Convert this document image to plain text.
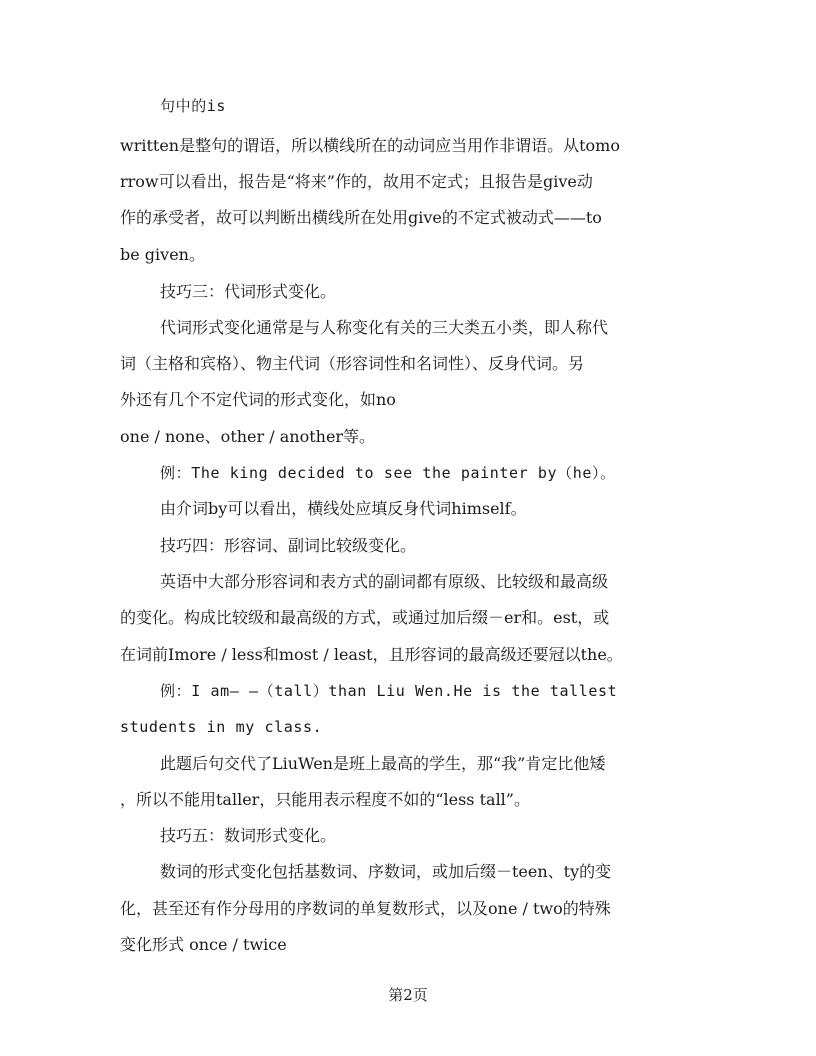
句中的is
written是整句的谓语，所以横线所在的动词应当用作非谓语。从tomo
rrow可以看出，报告是“将来”作的，故用不定式；且报告是give动
作的承受者，故可以判断出横线所在处用give的不定式被动式——to
be given。
技巧三：代词形式变化。
代词形式变化通常是与人称变化有关的三大类五小类，即人称代
词（主格和宾格）、物主代词（形容词性和名词性）、反身代词。另
外还有几个不定代词的形式变化，如no
one / none、other / another等。
例：The king decided to see the painter by（he）。
由介词by可以看出，横线处应填反身代词himself。
技巧四：形容词、副词比较级变化。
英语中大部分形容词和表方式的副词都有原级、比较级和最高级
的变化。构成比较级和最高级的方式，或通过加后缀－er和。est，或
在词前Imore / less和most / least，且形容词的最高级还要冠以the。
例：I am— —（tall）than Liu Wen.He is the tallest
students in my class.
此题后句交代了LiuWen是班上最高的学生，那“我”肯定比他矮
，所以不能用taller，只能用表示程度不如的“less tall”。
技巧五：数词形式变化。
数词的形式变化包括基数词、序数词，或加后缀－teen、ty的变
化，甚至还有作分母用的序数词的单复数形式，以及one / two的特殊
变化形式 once / twice
第2页
